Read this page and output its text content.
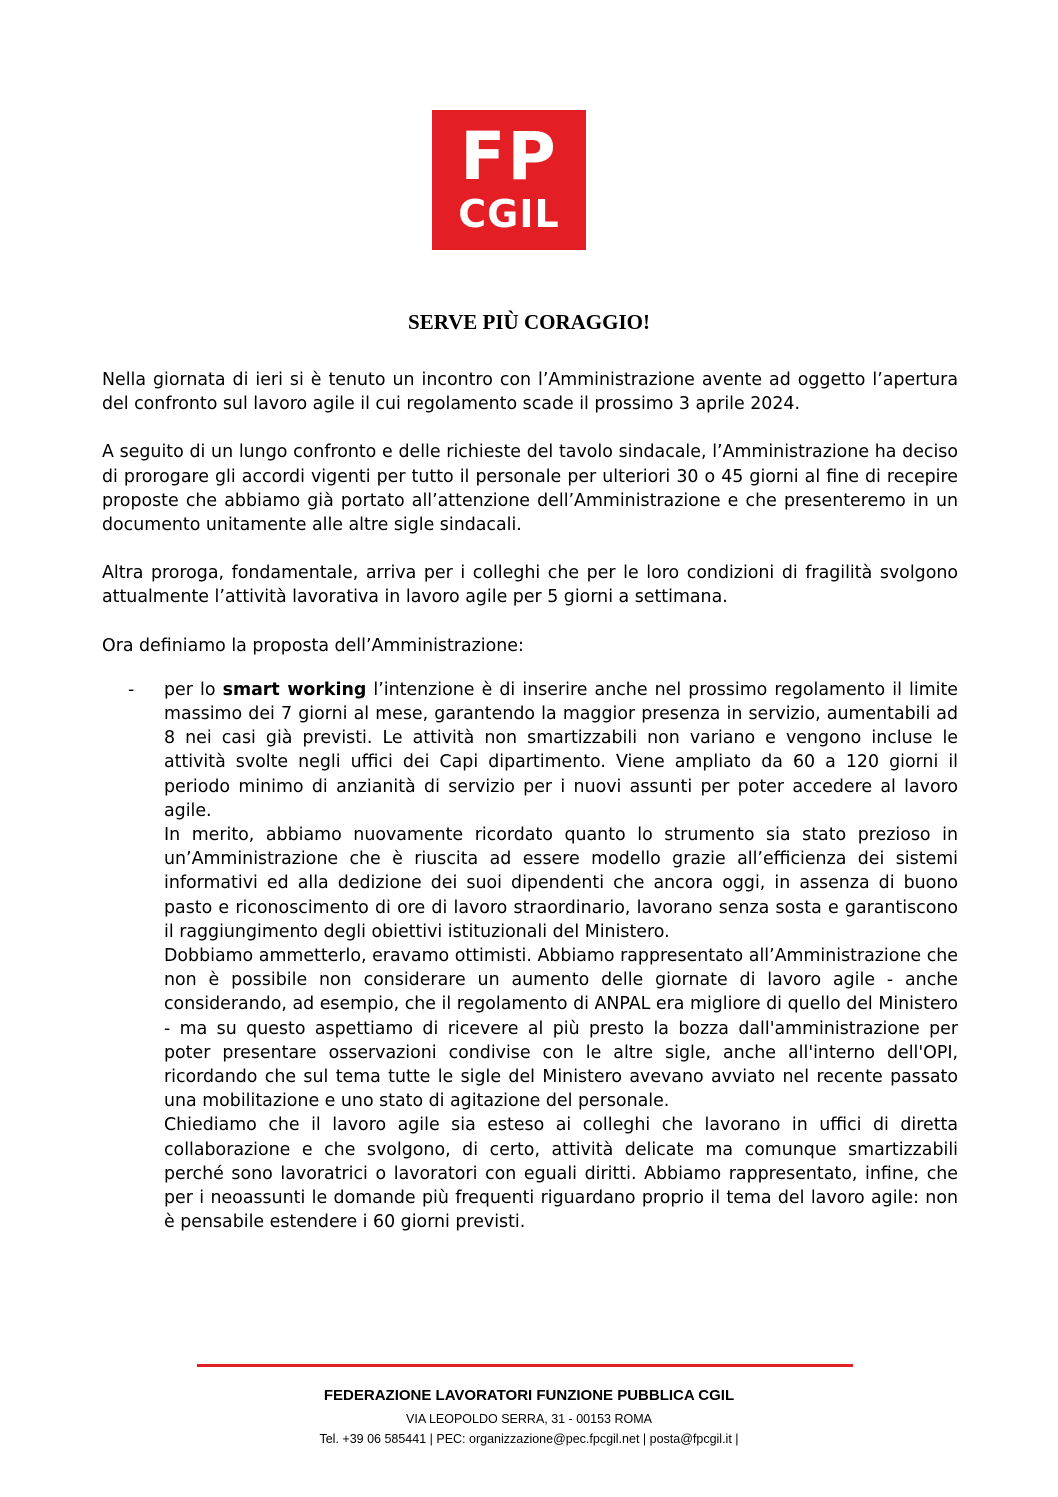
FP
CGIL
SERVE PIÙ CORAGGIO!

Nella giornata di ieri si è tenuto un incontro con l’Amministrazione avente ad oggetto l’apertura del confronto sul lavoro agile il cui regolamento scade il prossimo 3 aprile 2024.

A seguito di un lungo confronto e delle richieste del tavolo sindacale, l’Amministrazione ha deciso di prorogare gli accordi vigenti per tutto il personale per ulteriori 30 o 45 giorni al fine di recepire proposte che abbiamo già portato all’attenzione dell’Amministrazione e che presenteremo in un documento unitamente alle altre sigle sindacali.

Altra proroga, fondamentale, arriva per i colleghi che per le loro condizioni di fragilità svolgono attualmente l’attività lavorativa in lavoro agile per 5 giorni a settimana.

Ora definiamo la proposta dell’Amministrazione:

- per lo smart working l’intenzione è di inserire anche nel prossimo regolamento il limite massimo dei 7 giorni al mese, garantendo la maggior presenza in servizio, aumentabili ad 8 nei casi già previsti. Le attività non smartizzabili non variano e vengono incluse le attività svolte negli uffici dei Capi dipartimento. Viene ampliato da 60 a 120 giorni il periodo minimo di anzianità di servizio per i nuovi assunti per poter accedere al lavoro agile.

In merito, abbiamo nuovamente ricordato quanto lo strumento sia stato prezioso in un’Amministrazione che è riuscita ad essere modello grazie all’efficienza dei sistemi informativi ed alla dedizione dei suoi dipendenti che ancora oggi, in assenza di buono pasto e riconoscimento di ore di lavoro straordinario, lavorano senza sosta e garantiscono il raggiungimento degli obiettivi istituzionali del Ministero.

Dobbiamo ammetterlo, eravamo ottimisti. Abbiamo rappresentato all’Amministrazione che non è possibile non considerare un aumento delle giornate di lavoro agile - anche considerando, ad esempio, che il regolamento di ANPAL era migliore di quello del Ministero - ma su questo aspettiamo di ricevere al più presto la bozza dall'amministrazione per poter presentare osservazioni condivise con le altre sigle, anche all'interno dell'OPI, ricordando che sul tema tutte le sigle del Ministero avevano avviato nel recente passato una mobilitazione e uno stato di agitazione del personale.

Chiediamo che il lavoro agile sia esteso ai colleghi che lavorano in uffici di diretta collaborazione e che svolgono, di certo, attività delicate ma comunque smartizzabili perché sono lavoratrici o lavoratori con eguali diritti. Abbiamo rappresentato, infine, che per i neoassunti le domande più frequenti riguardano proprio il tema del lavoro agile: non è pensabile estendere i 60 giorni previsti.

FEDERAZIONE LAVORATORI FUNZIONE PUBBLICA CGIL
VIA LEOPOLDO SERRA, 31 - 00153 ROMA
Tel. +39 06 585441 | PEC: organizzazione@pec.fpcgil.net | posta@fpcgil.it |
